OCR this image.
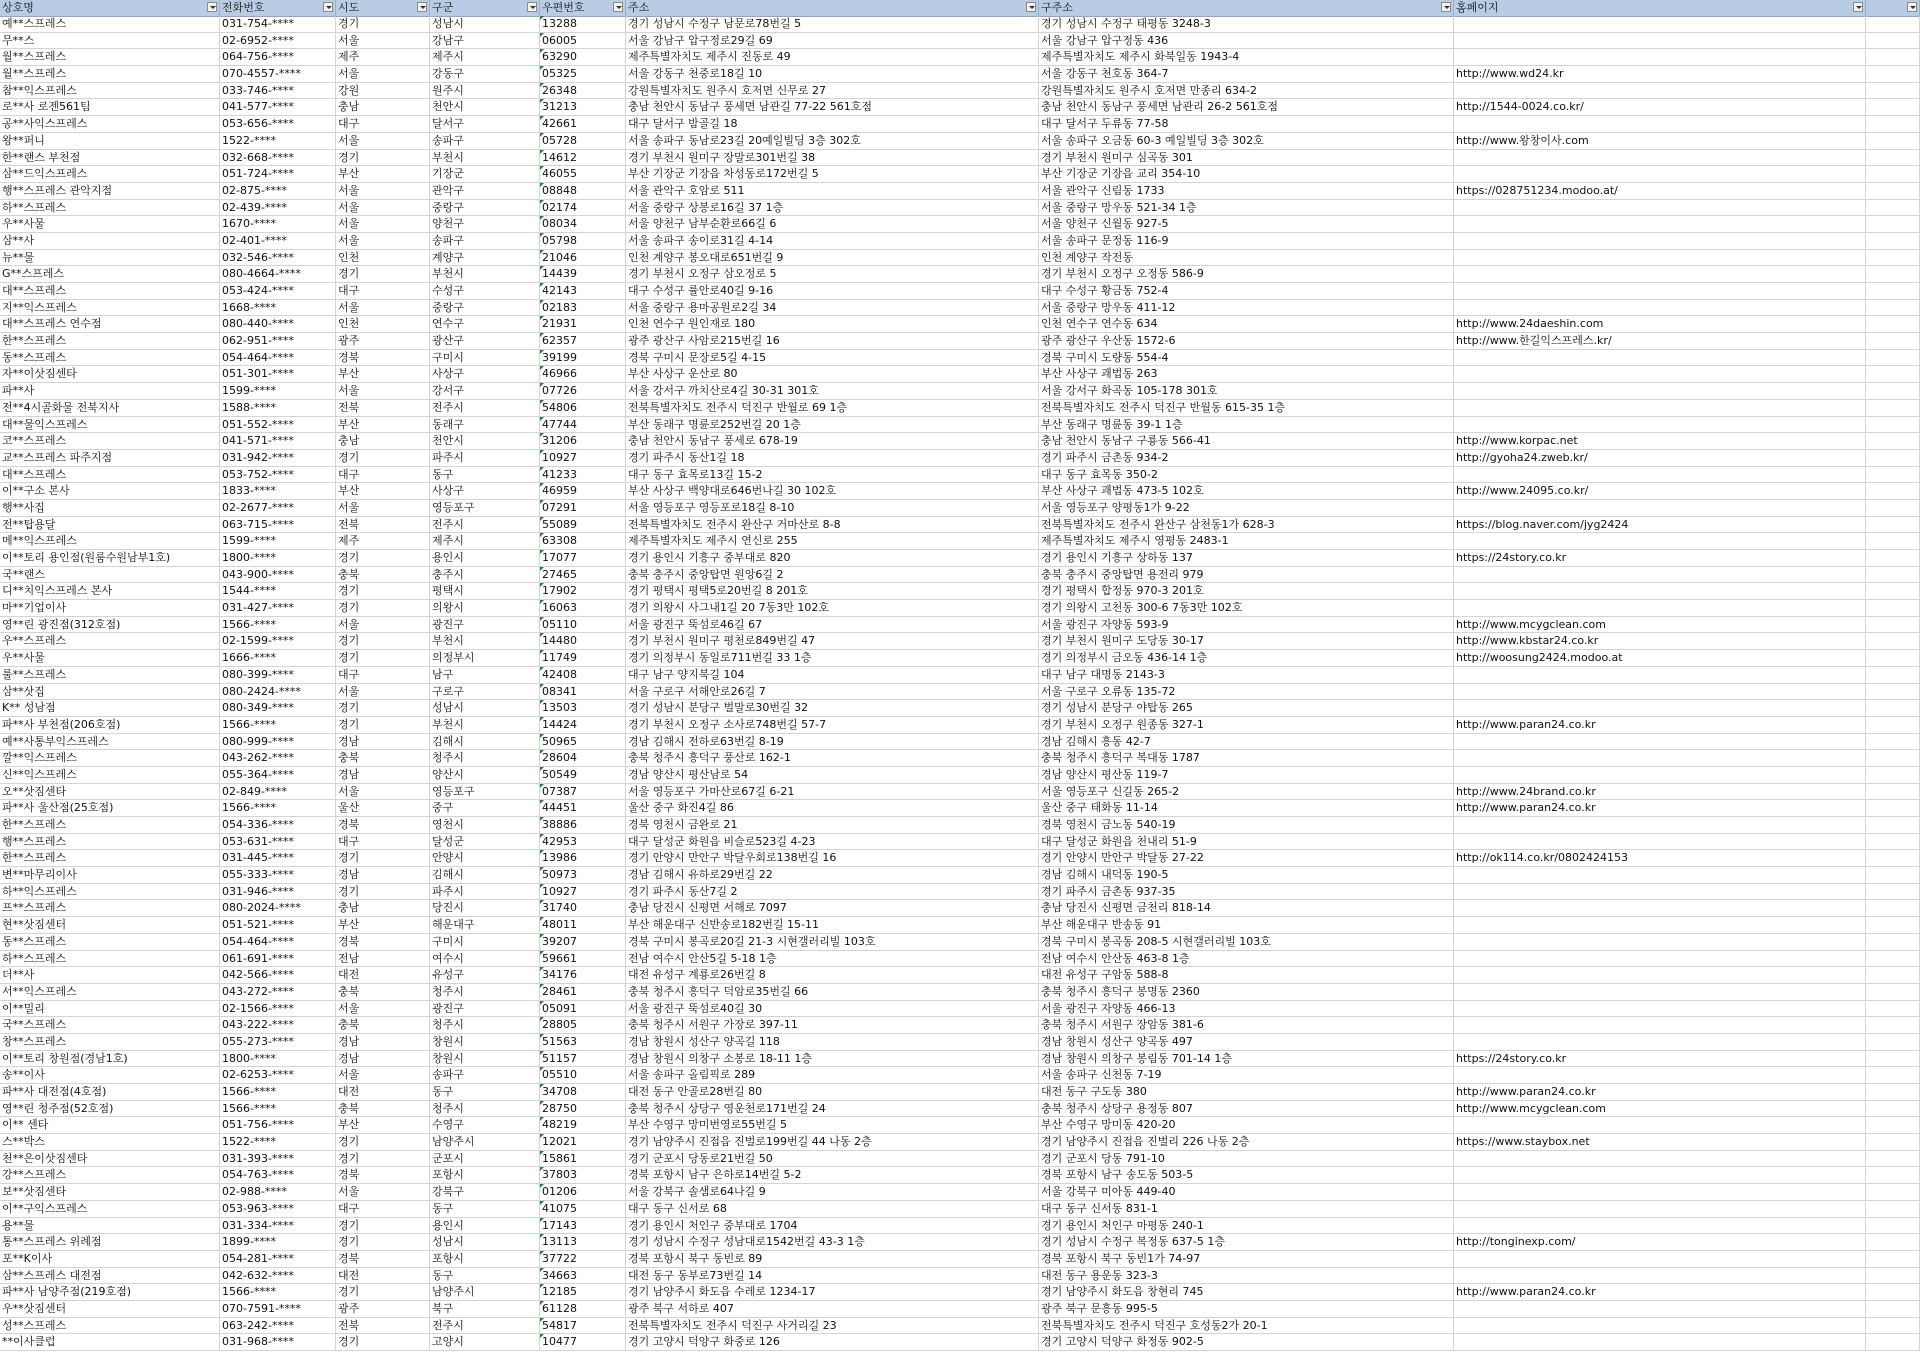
상호명	전화번호	시도	구군	우편번호	주소	구주소	홈페이지
예**스프레스	031-754-****	경기	성남시	13288	경기 성남시 수정구 남문로78번길 5	경기 성남시 수정구 태평동 3248-3
무**스	02-6952-****	서울	강남구	06005	서울 강남구 압구정로29길 69	서울 강남구 압구정동 436
월**스프레스	064-756-****	제주	제주시	63290	제주특별자치도 제주시 진동로 49	제주특별자치도 제주시 화북일동 1943-4
월**스프레스	070-4557-****	서울	강동구	05325	서울 강동구 천중로18길 10	서울 강동구 천호동 364-7	http://www.wd24.kr
참**익스프레스	033-746-****	강원	원주시	26348	강원특별자치도 원주시 호저면 신무로 27	강원특별자치도 원주시 호저면 만종리 634-2
로**사 로젠561팀	041-577-****	충남	천안시	31213	충남 천안시 동남구 풍세면 남관길 77-22 561호점	충남 천안시 동남구 풍세면 남관리 26-2 561호점	http://1544-0024.co.kr/
공**사익스프레스	053-656-****	대구	달서구	42661	대구 달서구 밤골길 18	대구 달서구 두류동 77-58
왕**퍼니	1522-****	서울	송파구	05728	서울 송파구 동남로23길 20예일빌딩 3층 302호	서울 송파구 오금동 60-3 예일빌딩 3층 302호	http://www.왕창이사.com
한**랜스 부천점	032-668-****	경기	부천시	14612	경기 부천시 원미구 장말로301번길 38	경기 부천시 원미구 심곡동 301
삼**드익스프레스	051-724-****	부산	기장군	46055	부산 기장군 기장읍 차성동로172번길 5	부산 기장군 기장읍 교리 354-10
행**스프레스 관악지점	02-875-****	서울	관악구	08848	서울 관악구 호암로 511	서울 관악구 신림동 1733	https://028751234.modoo.at/
하**스프레스	02-439-****	서울	중랑구	02174	서울 중랑구 상봉로16길 37 1층	서울 중랑구 망우동 521-34 1층
우**사물	1670-****	서울	양천구	08034	서울 양천구 남부순환로66길 6	서울 양천구 신월동 927-5
삼**사	02-401-****	서울	송파구	05798	서울 송파구 송이로31길 4-14	서울 송파구 문정동 116-9
뉴**물	032-546-****	인천	계양구	21046	인천 계양구 봉오대로651번길 9	인천 계양구 작전동
G**스프레스	080-4664-****	경기	부천시	14439	경기 부천시 오정구 삼오정로 5	경기 부천시 오정구 오정동 586-9
대**스프레스	053-424-****	대구	수성구	42143	대구 수성구 률안로40길 9-16	대구 수성구 황금동 752-4
지**익스프레스	1668-****	서울	중랑구	02183	서울 중랑구 용마공원로2길 34	서울 중랑구 망우동 411-12
대**스프레스 연수점	080-440-****	인천	연수구	21931	인천 연수구 원인재로 180	인천 연수구 연수동 634	http://www.24daeshin.com
한**스프레스	062-951-****	광주	광산구	62357	광주 광산구 사암로215번길 16	광주 광산구 우산동 1572-6	http://www.한길익스프레스.kr/
동**스프레스	054-464-****	경북	구미시	39199	경북 구미시 문장로5길 4-15	경북 구미시 도량동 554-4
자**이삿짐센타	051-301-****	부산	사상구	46966	부산 사상구 운산로 80	부산 사상구 괘법동 263
파**사	1599-****	서울	강서구	07726	서울 강서구 까치산로4길 30-31 301호	서울 강서구 화곡동 105-178 301호
전**4시골화물 전북지사	1588-****	전북	전주시	54806	전북특별자치도 전주시 덕진구 반월로 69 1층	전북특별자치도 전주시 덕진구 반월동 615-35 1층
대**물익스프레스	051-552-****	부산	동래구	47744	부산 동래구 명륜로252번길 20 1층	부산 동래구 명륜동 39-1 1층
코**스프레스	041-571-****	충남	천안시	31206	충남 천안시 동남구 풍세로 678-19	충남 천안시 동남구 구룡동 566-41	http://www.korpac.net
교**스프레스 파주지점	031-942-****	경기	파주시	10927	경기 파주시 동산1길 18	경기 파주시 금촌동 934-2	http://gyoha24.zweb.kr/
대**스프레스	053-752-****	대구	동구	41233	대구 동구 효목로13길 15-2	대구 동구 효목동 350-2
이**구소 본사	1833-****	부산	사상구	46959	부산 사상구 백양대로646번나길 30 102호	부산 사상구 괘법동 473-5 102호	http://www.24095.co.kr/
행**사집	02-2677-****	서울	영등포구	07291	서울 영등포구 영등포로18길 8-10	서울 영등포구 양평동1가 9-22
전**탑용달	063-715-****	전북	전주시	55089	전북특별자치도 전주시 완산구 거마산로 8-8	전북특별자치도 전주시 완산구 삼천동1가 628-3	https://blog.naver.com/jyg2424
메**익스프레스	1599-****	제주	제주시	63308	제주특별자치도 제주시 연신로 255	제주특별자치도 제주시 영평동 2483-1
이**토리 용인점(원룸수원남부1호)	1800-****	경기	용인시	17077	경기 용인시 기흥구 중부대로 820	경기 용인시 기흥구 상하동 137	https://24story.co.kr
국**랜스	043-900-****	충북	충주시	27465	충북 충주시 중앙탑면 원앙6길 2	충북 충주시 중앙탑면 용전리 979
디**치익스프레스 본사	1544-****	경기	평택시	17902	경기 평택시 평택5로20번길 8 201호	경기 평택시 합정동 970-3 201호
마**기업이사	031-427-****	경기	의왕시	16063	경기 의왕시 사그내1길 20 7동3만 102호	경기 의왕시 고천동 300-6 7동3만 102호
영**린 광진점(312호점)	1566-****	서울	광진구	05110	서울 광진구 뚝섬로46길 67	서울 광진구 자양동 593-9	http://www.mcygclean.com
우**스프레스	02-1599-****	경기	부천시	14480	경기 부천시 원미구 평천로849번길 47	경기 부천시 원미구 도당동 30-17	http://www.kbstar24.co.kr
우**사물	1666-****	경기	의정부시	11749	경기 의정부시 동일로711번길 33 1층	경기 의정부시 금오동 436-14 1층	http://woosung2424.modoo.at
룰**스프레스	080-399-****	대구	남구	42408	대구 남구 양지북길 104	대구 남구 대명동 2143-3
삼**삿집	080-2424-****	서울	구로구	08341	서울 구로구 서해안로26길 7	서울 구로구 오류동 135-72
K** 성남점	080-349-****	경기	성남시	13503	경기 성남시 분당구 벌말로30번길 32	경기 성남시 분당구 야탑동 265
파**사 부천점(206호점)	1566-****	경기	부천시	14424	경기 부천시 오정구 소사로748번길 57-7	경기 부천시 오정구 원종동 327-1	http://www.paran24.co.kr
예**사통부익스프레스	080-999-****	경남	김해시	50965	경남 김해시 전하로63번길 8-19	경남 김해시 흥동 42-7
깔**익스프레스	043-262-****	충북	청주시	28604	충북 청주시 흥덕구 풍산로 162-1	충북 청주시 흥덕구 복대동 1787
신**익스프레스	055-364-****	경남	양산시	50549	경남 양산시 평산남로 54	경남 양산시 평산동 119-7
오**삿짐센타	02-849-****	서울	영등포구	07387	서울 영등포구 가마산로67길 6-21	서울 영등포구 신길동 265-2	http://www.24brand.co.kr
파**사 울산점(25호점)	1566-****	울산	중구	44451	울산 중구 화진4길 86	울산 중구 태화동 11-14	http://www.paran24.co.kr
한**스프레스	054-336-****	경북	영천시	38886	경북 영천시 금완로 21	경북 영천시 금노동 540-19
행**스프레스	053-631-****	대구	달성군	42953	대구 달성군 화원읍 비슬로523길 4-23	대구 달성군 화원읍 천내리 51-9
한**스프레스	031-445-****	경기	안양시	13986	경기 안양시 만안구 박달우회로138번길 16	경기 안양시 만안구 박달동 27-22	http://ok114.co.kr/0802424153
변**마무리이사	055-333-****	경남	김해시	50973	경남 김해시 유하로29번길 22	경남 김해시 내덕동 190-5
하**익스프레스	031-946-****	경기	파주시	10927	경기 파주시 동산7길 2	경기 파주시 금촌동 937-35
프**스프레스	080-2024-****	충남	당진시	31740	충남 당진시 신평면 서해로 7097	충남 당진시 신평면 금천리 818-14
현**삿짐센터	051-521-****	부산	해운대구	48011	부산 해운대구 신반송로182번길 15-11	부산 해운대구 반송동 91
동**스프레스	054-464-****	경북	구미시	39207	경북 구미시 봉곡로20길 21-3 시현갤러리빌 103호	경북 구미시 봉곡동 208-5 시현갤러리빌 103호
하**스프레스	061-691-****	전남	여수시	59661	전남 여수시 안산5길 5-18 1층	전남 여수시 안산동 463-8 1층
더**사	042-566-****	대전	유성구	34176	대전 유성구 계룡로26번길 8	대전 유성구 구암동 588-8
서**익스프레스	043-272-****	충북	청주시	28461	충북 청주시 흥덕구 덕암로35번길 66	충북 청주시 흥덕구 봉명동 2360
이**밀리	02-1566-****	서울	광진구	05091	서울 광진구 뚝섬로40길 30	서울 광진구 자양동 466-13
국**스프레스	043-222-****	충북	청주시	28805	충북 청주시 서원구 가장로 397-11	충북 청주시 서원구 장암동 381-6
창**스프레스	055-273-****	경남	창원시	51563	경남 창원시 성산구 양곡길 118	경남 창원시 성산구 양곡동 497
이**토리 창원점(경남1호)	1800-****	경남	창원시	51157	경남 창원시 의창구 소봉로 18-11 1층	경남 창원시 의창구 봉림동 701-14 1층	https://24story.co.kr
송**이사	02-6253-****	서울	송파구	05510	서울 송파구 올림픽로 289	서울 송파구 신천동 7-19
파**사 대전점(4호점)	1566-****	대전	동구	34708	대전 동구 안골로28번길 80	대전 동구 구도동 380	http://www.paran24.co.kr
영**린 청주점(52호점)	1566-****	충북	청주시	28750	충북 청주시 상당구 영운천로171번길 24	충북 청주시 상당구 용정동 807	http://www.mcygclean.com
이** 센타	051-756-****	부산	수영구	48219	부산 수영구 망미번영로55번길 5	부산 수영구 망미동 420-20
스**박스	1522-****	경기	남양주시	12021	경기 남양주시 진접읍 진벌로199번길 44 나동 2층	경기 남양주시 진접읍 진벌리 226 나동 2층	https://www.staybox.net
천**은이삿짐센타	031-393-****	경기	군포시	15861	경기 군포시 당동로21번길 50	경기 군포시 당동 791-10
강**스프레스	054-763-****	경북	포항시	37803	경북 포항시 남구 은하로14번길 5-2	경북 포항시 남구 송도동 503-5
보**삿짐센타	02-988-****	서울	강북구	01206	서울 강북구 솔샘로64나길 9	서울 강북구 미아동 449-40
이**구익스프레스	053-963-****	대구	동구	41075	대구 동구 신서로 68	대구 동구 신서동 831-1
용**물	031-334-****	경기	용인시	17143	경기 용인시 처인구 중부대로 1704	경기 용인시 처인구 마평동 240-1
통**스프레스 위례점	1899-****	경기	성남시	13113	경기 성남시 수정구 성남대로1542번길 43-3 1층	경기 성남시 수정구 복정동 637-5 1층	http://tonginexp.com/
포**K이사	054-281-****	경북	포항시	37722	경북 포항시 북구 동빈로 89	경북 포항시 북구 동빈1가 74-97
삼**스프레스 대전점	042-632-****	대전	동구	34663	대전 동구 동부로73번길 14	대전 동구 용운동 323-3
파**사 남양주점(219호점)	1566-****	경기	남양주시	12185	경기 남양주시 화도읍 수레로 1234-17	경기 남양주시 화도읍 창현리 745	http://www.paran24.co.kr
우**삿짐센터	070-7591-****	광주	북구	61128	광주 북구 서하로 407	광주 북구 문흥동 995-5
성**스프레스	063-242-****	전북	전주시	54817	전북특별자치도 전주시 덕진구 사거리길 23	전북특별자치도 전주시 덕진구 호성동2가 20-1
**이사클럽	031-968-****	경기	고양시	10477	경기 고양시 덕양구 화중로 126	경기 고양시 덕양구 화정동 902-5
